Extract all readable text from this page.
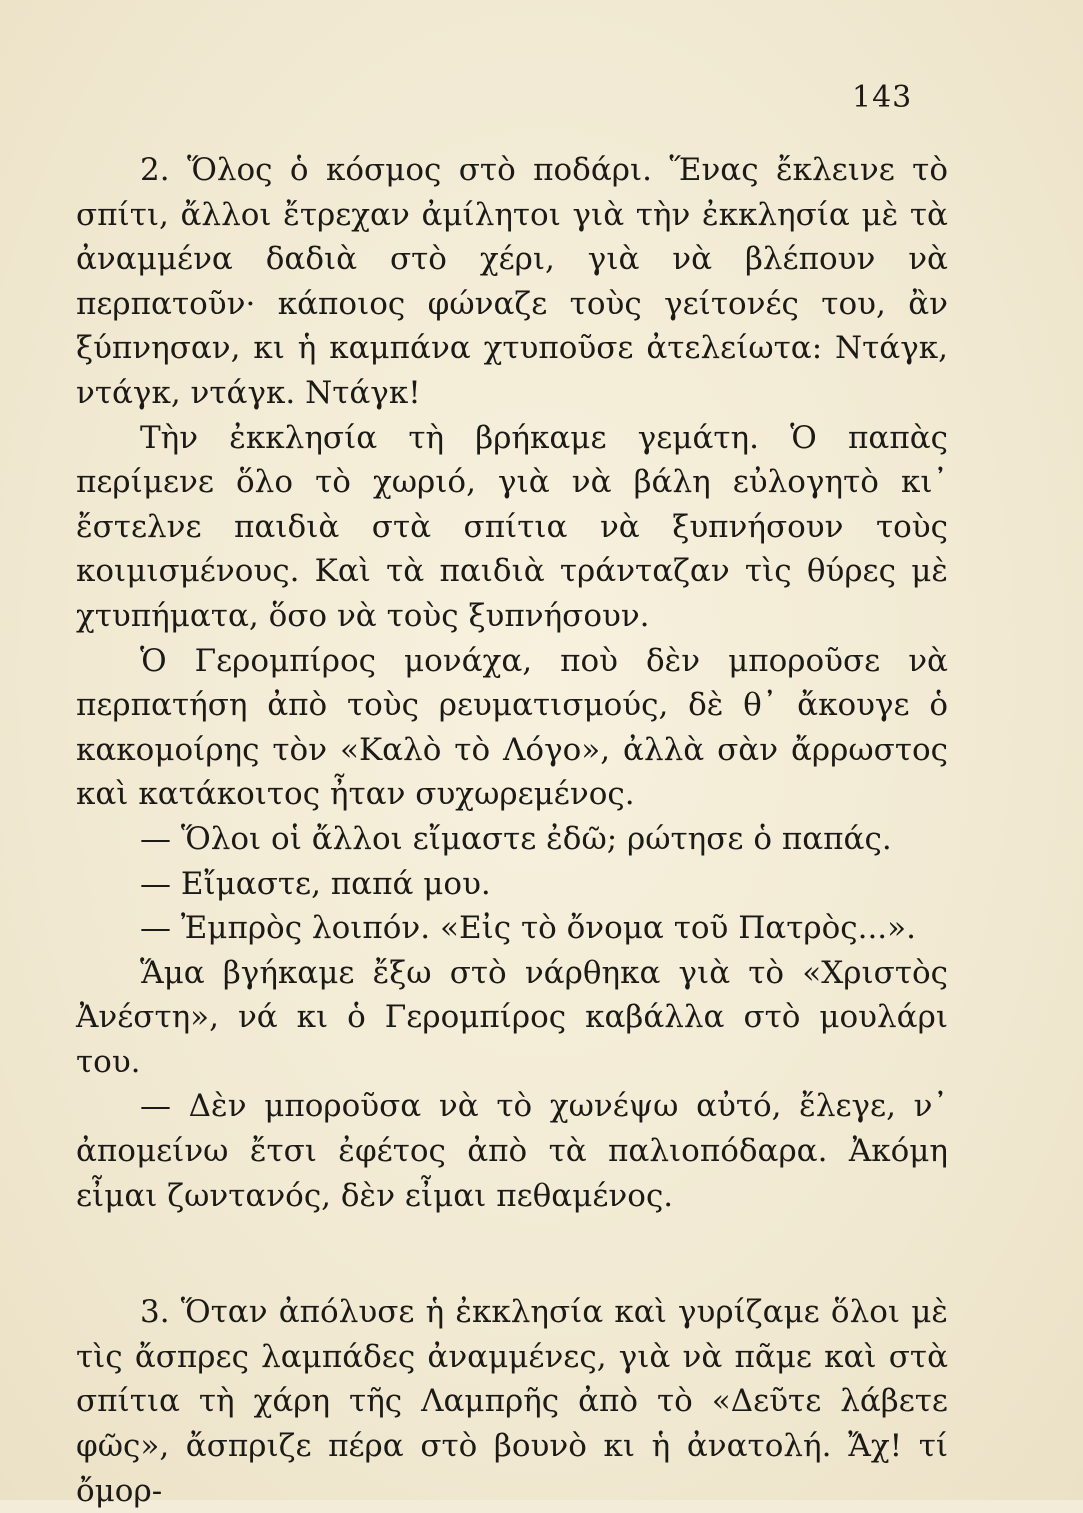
143

2. Ὅλος ὁ κόσμος στὸ ποδάρι. Ἕνας ἔκλεινε τὸ σπίτι, ἄλλοι ἔτρεχαν ἀμίλητοι γιὰ τὴν ἐκκλησία μὲ τὰ ἀναμμένα δαδιὰ στὸ χέρι, γιὰ νὰ βλέπουν νὰ περπατοῦν· κάποιος φώναζε τοὺς γείτονές του, ἂν ξύπνησαν, κι ἡ καμπάνα χτυποῦσε ἀτελείωτα: Ντάγκ, ντάγκ, ντάγκ. Ντάγκ!

Τὴν ἐκκλησία τὴ βρήκαμε γεμάτη. Ὁ παπὰς περίμενε ὅλο τὸ χωριό, γιὰ νὰ βάλη εὐλογητὸ κι᾿ ἔστελνε παιδιὰ στὰ σπίτια νὰ ξυπνήσουν τοὺς κοιμισμένους. Καὶ τὰ παιδιὰ τράνταζαν τὶς θύρες μὲ χτυπήματα, ὅσο νὰ τοὺς ξυπνήσουν.

Ὁ Γερομπίρος μονάχα, ποὺ δὲν μποροῦσε νὰ περπατήση ἀπὸ τοὺς ρευματισμούς, δὲ θ᾿ ἄκουγε ὁ κακομοίρης τὸν «Καλὸ τὸ Λόγο», ἀλλὰ σὰν ἄρρωστος καὶ κατάκοιτος ἦταν συχωρεμένος.

— Ὅλοι οἱ ἄλλοι εἴμαστε ἐδῶ; ρώτησε ὁ παπάς.

— Εἴμαστε, παπά μου.

— Ἐμπρὸς λοιπόν. «Εἰς τὸ ὄνομα τοῦ Πατρὸς...».

Ἅμα βγήκαμε ἔξω στὸ νάρθηκα γιὰ τὸ «Χριστὸς Ἀνέστη», νά κι ὁ Γερομπίρος καβάλλα στὸ μουλάρι του.

— Δὲν μποροῦσα νὰ τὸ χωνέψω αὐτό, ἔλεγε, ν᾿ ἀπομείνω ἔτσι ἐφέτος ἀπὸ τὰ παλιοπόδαρα. Ἀκόμη εἶμαι ζωντανός, δὲν εἶμαι πεθαμένος.

3. Ὅταν ἀπόλυσε ἡ ἐκκλησία καὶ γυρίζαμε ὅλοι μὲ τὶς ἄσπρες λαμπάδες ἀναμμένες, γιὰ νὰ πᾶμε καὶ στὰ σπίτια τὴ χάρη τῆς Λαμπρῆς ἀπὸ τὸ «Δεῦτε λάβετε φῶς», ἄσπριζε πέρα στὸ βουνὸ κι ἡ ἀνατολή. Ἄχ! τί ὄμορ-
